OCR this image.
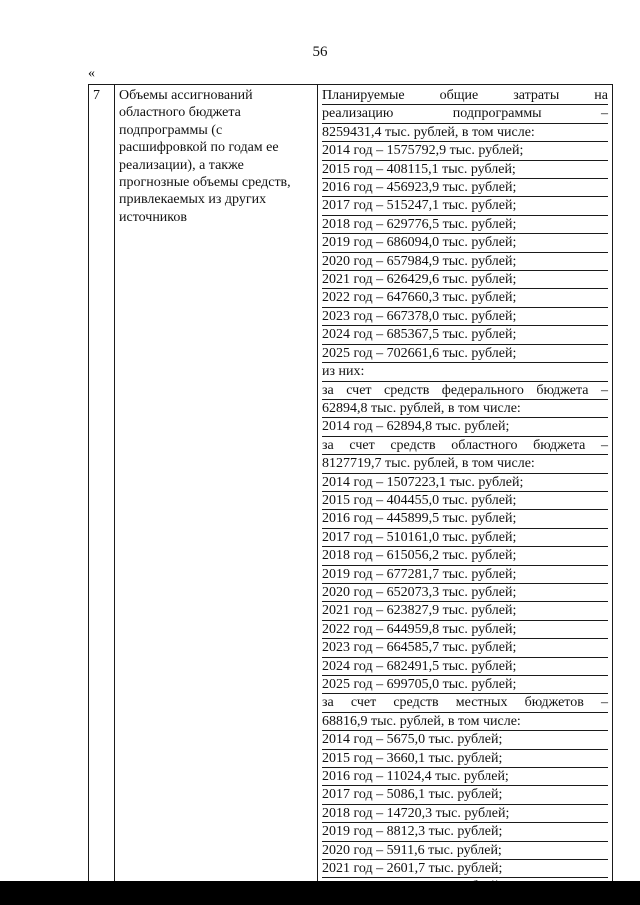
56
«
7	Объемы ассигнований
областного бюджета
подпрограммы (с
расшифровкой по годам ее
реализации), а также
прогнозные объемы средств,
привлекаемых из других
источников

Планируемые общие затраты на
реализацию подпрограммы –
8259431,4 тыс. рублей, в том числе:
2014 год – 1575792,9 тыс. рублей;
2015 год – 408115,1 тыс. рублей;
2016 год – 456923,9 тыс. рублей;
2017 год – 515247,1 тыс. рублей;
2018 год – 629776,5 тыс. рублей;
2019 год – 686094,0 тыс. рублей;
2020 год – 657984,9 тыс. рублей;
2021 год – 626429,6 тыс. рублей;
2022 год – 647660,3 тыс. рублей;
2023 год – 667378,0 тыс. рублей;
2024 год – 685367,5 тыс. рублей;
2025 год – 702661,6 тыс. рублей;
из них:
за счет средств федерального бюджета –
62894,8 тыс. рублей, в том числе:
2014 год – 62894,8 тыс. рублей;
за счет средств областного бюджета –
8127719,7 тыс. рублей, в том числе:
2014 год – 1507223,1 тыс. рублей;
2015 год – 404455,0 тыс. рублей;
2016 год – 445899,5 тыс. рублей;
2017 год – 510161,0 тыс. рублей;
2018 год – 615056,2 тыс. рублей;
2019 год – 677281,7 тыс. рублей;
2020 год – 652073,3 тыс. рублей;
2021 год – 623827,9 тыс. рублей;
2022 год – 644959,8 тыс. рублей;
2023 год – 664585,7 тыс. рублей;
2024 год – 682491,5 тыс. рублей;
2025 год – 699705,0 тыс. рублей;
за счет средств местных бюджетов –
68816,9 тыс. рублей, в том числе:
2014 год – 5675,0 тыс. рублей;
2015 год – 3660,1 тыс. рублей;
2016 год – 11024,4 тыс. рублей;
2017 год – 5086,1 тыс. рублей;
2018 год – 14720,3 тыс. рублей;
2019 год – 8812,3 тыс. рублей;
2020 год – 5911,6 тыс. рублей;
2021 год – 2601,7 тыс. рублей;
